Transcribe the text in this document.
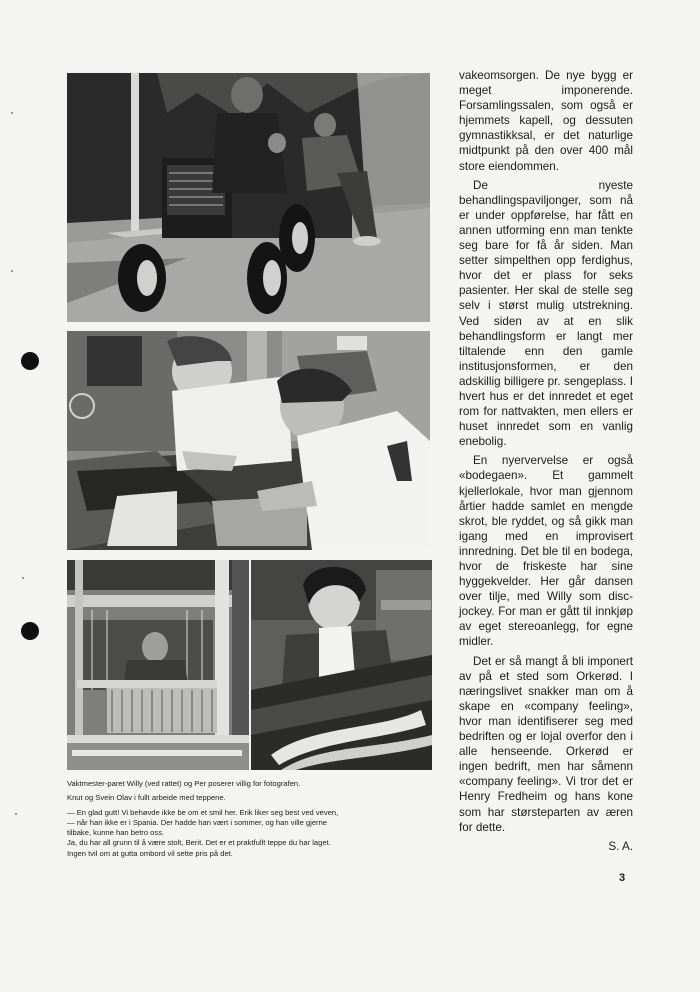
Vaktmester-paret Willy (ved rattet) og Per poserer villig for fotografen.

Knut og Svein Olav i fullt arbeide med teppene.

— En glad gutt! Vi behøvde ikke be om et smil her. Erik liker seg best ved veven,

— når han ikke er i Spania. Der hadde han vært i sommer, og han ville gjerne

tilbake, kunne han betro oss.

Ja, du har all grunn til å være stolt, Berit. Det er et praktfullt teppe du har laget.

Ingen tvil om at gutta ombord vil sette pris på det.

vakeomsorgen. De nye bygg er meget imponerende. Forsamlingssalen, som også er hjemmets kapell, og dessuten gymnastikksal, er det naturlige midtpunkt på den over 400 mål store eiendommen.

De nyeste behandlingspaviljonger, som nå er under oppførelse, har fått en annen utforming enn man tenkte seg bare for få år siden. Man setter simpelthen opp ferdighus, hvor det er plass for seks pasienter. Her skal de stelle seg selv i størst mulig utstrekning. Ved siden av at en slik behandlingsform er langt mer tiltalende enn den gamle institusjonsformen, er den adskillig billigere pr. sengeplass. I hvert hus er det innredet et eget rom for nattvakten, men ellers er huset innredet som en vanlig enebolig.

En nyervervelse er også «bodegaen». Et gammelt kjellerlokale, hvor man gjennom årtier hadde samlet en mengde skrot, ble ryddet, og så gikk man igang med en improvisert innredning. Det ble til en bodega, hvor de friskeste har sine hyggekvelder. Her går dansen over tilje, med Willy som disc-jockey. For man er gått til innkjøp av eget stereoanlegg, for egne midler.

Det er så mangt å bli imponert av på et sted som Orkerød. I næringslivet snakker man om å skape en «company feeling», hvor man identifiserer seg med bedriften og er lojal overfor den i alle henseende. Orkerød er ingen bedrift, men har såmenn «company feeling». Vi tror det er Henry Fredheim og hans kone som har størsteparten av æren for dette.

S. A.

3
